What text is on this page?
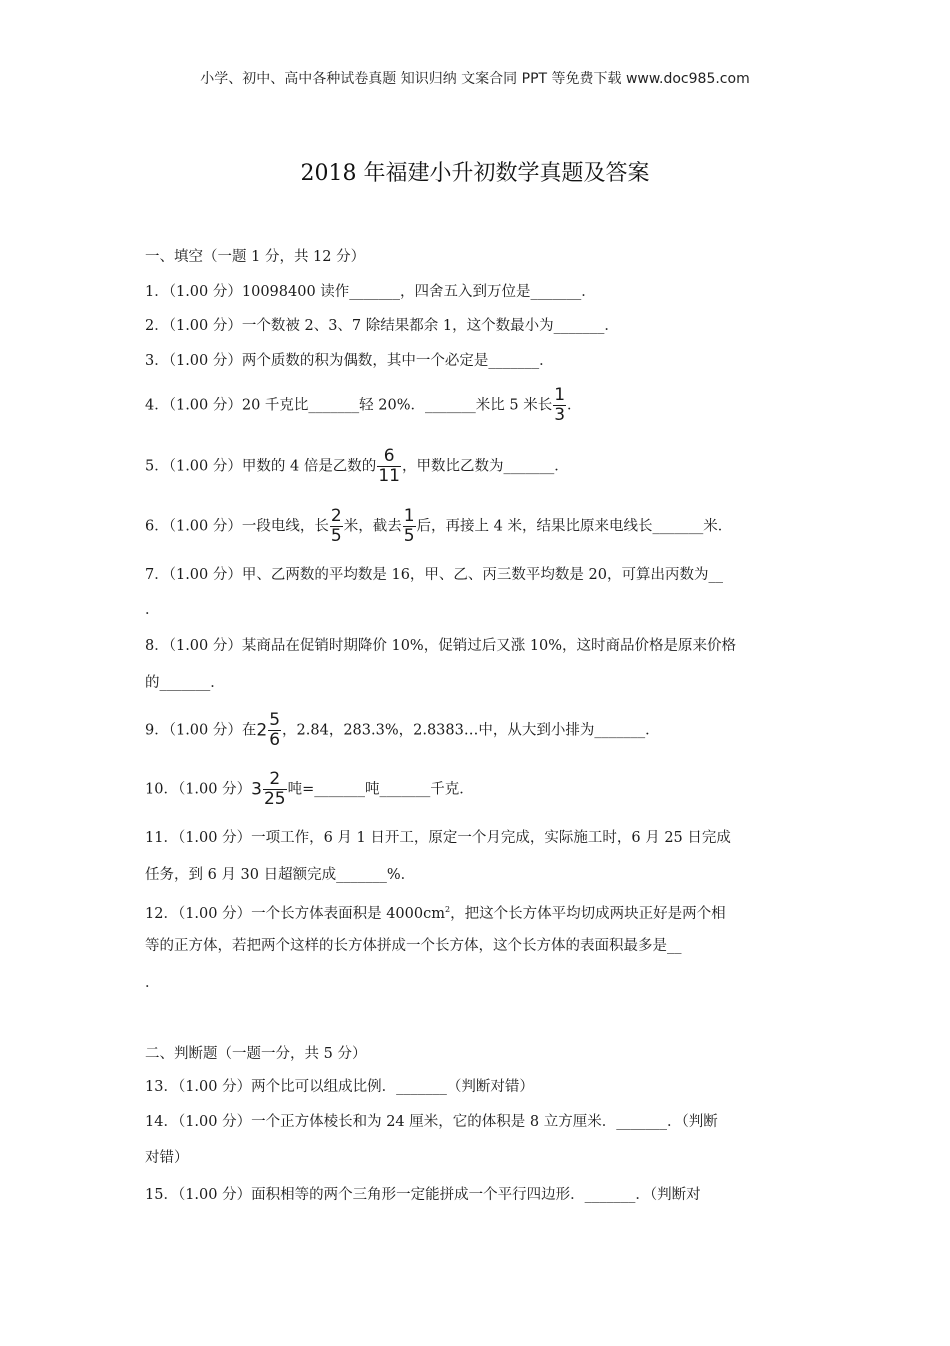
小学、初中、高中各种试卷真题 知识归纳 文案合同 PPT 等免费下载 www.doc985.com
2018 年福建小升初数学真题及答案
一、填空（一题 1 分，共 12 分）
1．（1.00 分）10098400 读作_______，四舍五入到万位是_______．
2．（1.00 分）一个数被 2、3、7 除结果都余 1，这个数最小为_______．
3．（1.00 分）两个质数的积为偶数，其中一个必定是_______．
4．（1.00 分）20 千克比_______轻 20%．_______米比 5 米长 $\frac{1}{3}$ ．
5．（1.00 分）甲数的 4 倍是乙数的 $\frac{6}{11}$ ，甲数比乙数为_______．
6．（1.00 分）一段电线，长 $\frac{2}{5}$ 米，截去 $\frac{1}{5}$ 后，再接上 4 米，结果比原来电线长_______米．
7．（1.00 分）甲、乙两数的平均数是 16，甲、乙、丙三数平均数是 20，可算出丙数为__
．
8．（1.00 分）某商品在促销时期降价 10%，促销过后又涨 10%，这时商品价格是原来价格
的_______．
9．（1.00 分）在$2 \frac{5}{6}$ ，2.84，283.3%，2.8383…中，从大到小排为_______．
10．（1.00 分）$3 \frac{2}{25}$ 吨=_______吨_______千克．
11．（1.00 分）一项工作，6 月 1 日开工，原定一个月完成，实际施工时，6 月 25 日完成
任务，到 6 月 30 日超额完成_______%．
12．（1.00 分）一个长方体表面积是 $4000cm^2$，把这个长方体平均切成两块正好是两个相
等的正方体，若把两个这样的长方体拼成一个长方体，这个长方体的表面积最多是__
．
二、判断题（一题一分，共 5 分）
13．（1.00 分）两个比可以组成比例．_______（判断对错）
14．（1.00 分）一个正方体棱长和为 24 厘米，它的体积是 8 立方厘米．_______．（判断
对错）
15．（1.00 分）面积相等的两个三角形一定能拼成一个平行四边形．_______．（判断对
